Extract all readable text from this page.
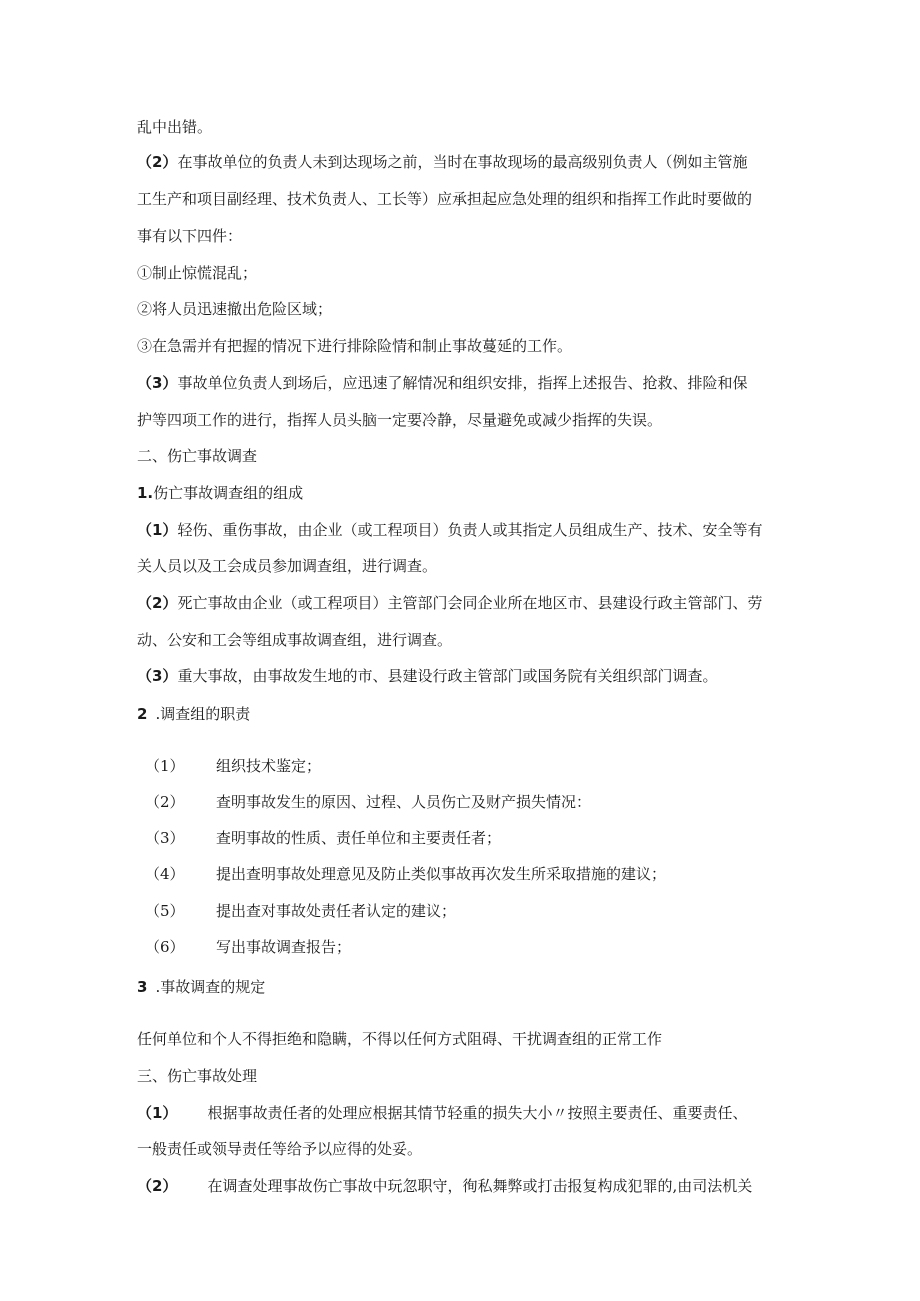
乱中出错。
（2）在事故单位的负责人未到达现场之前，当时在事故现场的最高级别负责人（例如主管施
工生产和项目副经理、技术负责人、工长等）应承担起应急处理的组织和指挥工作此时要做的
事有以下四件：
①制止惊慌混乱；
②将人员迅速撤出危险区域；
③在急需并有把握的情况下进行排除险情和制止事故蔓延的工作。
（3）事故单位负责人到场后，应迅速了解情况和组织安排，指挥上述报告、抢救、排险和保
护等四项工作的进行，指挥人员头脑一定要冷静，尽量避免或减少指挥的失误。
二、伤亡事故调查
1.伤亡事故调查组的组成
（1）轻伤、重伤事故，由企业（或工程项目）负责人或其指定人员组成生产、技术、安全等有
关人员以及工会成员参加调查组，进行调查。
（2）死亡事故由企业（或工程项目）主管部门会同企业所在地区市、县建设行政主管部门、劳
动、公安和工会等组成事故调查组，进行调查。
（3）重大事故，由事故发生地的市、县建设行政主管部门或国务院有关组织部门调查。
2 .调查组的职责
（1） 组织技术鉴定；
（2） 查明事故发生的原因、过程、人员伤亡及财产损失情况：
（3） 查明事故的性质、责任单位和主要责任者；
（4） 提出查明事故处理意见及防止类似事故再次发生所采取措施的建议；
（5） 提出查对事故处责任者认定的建议；
（6） 写出事故调查报告；
3 .事故调查的规定
任何单位和个人不得拒绝和隐瞒，不得以任何方式阻碍、干扰调查组的正常工作
三、伤亡事故处理
（1） 根据事故责任者的处理应根据其情节轻重的损失大小〃按照主要责任、重要责任、
一般责任或领导责任等给予以应得的处妥。
（2） 在调查处理事故伤亡事故中玩忽职守，徇私舞弊或打击报复构成犯罪的,由司法机关
